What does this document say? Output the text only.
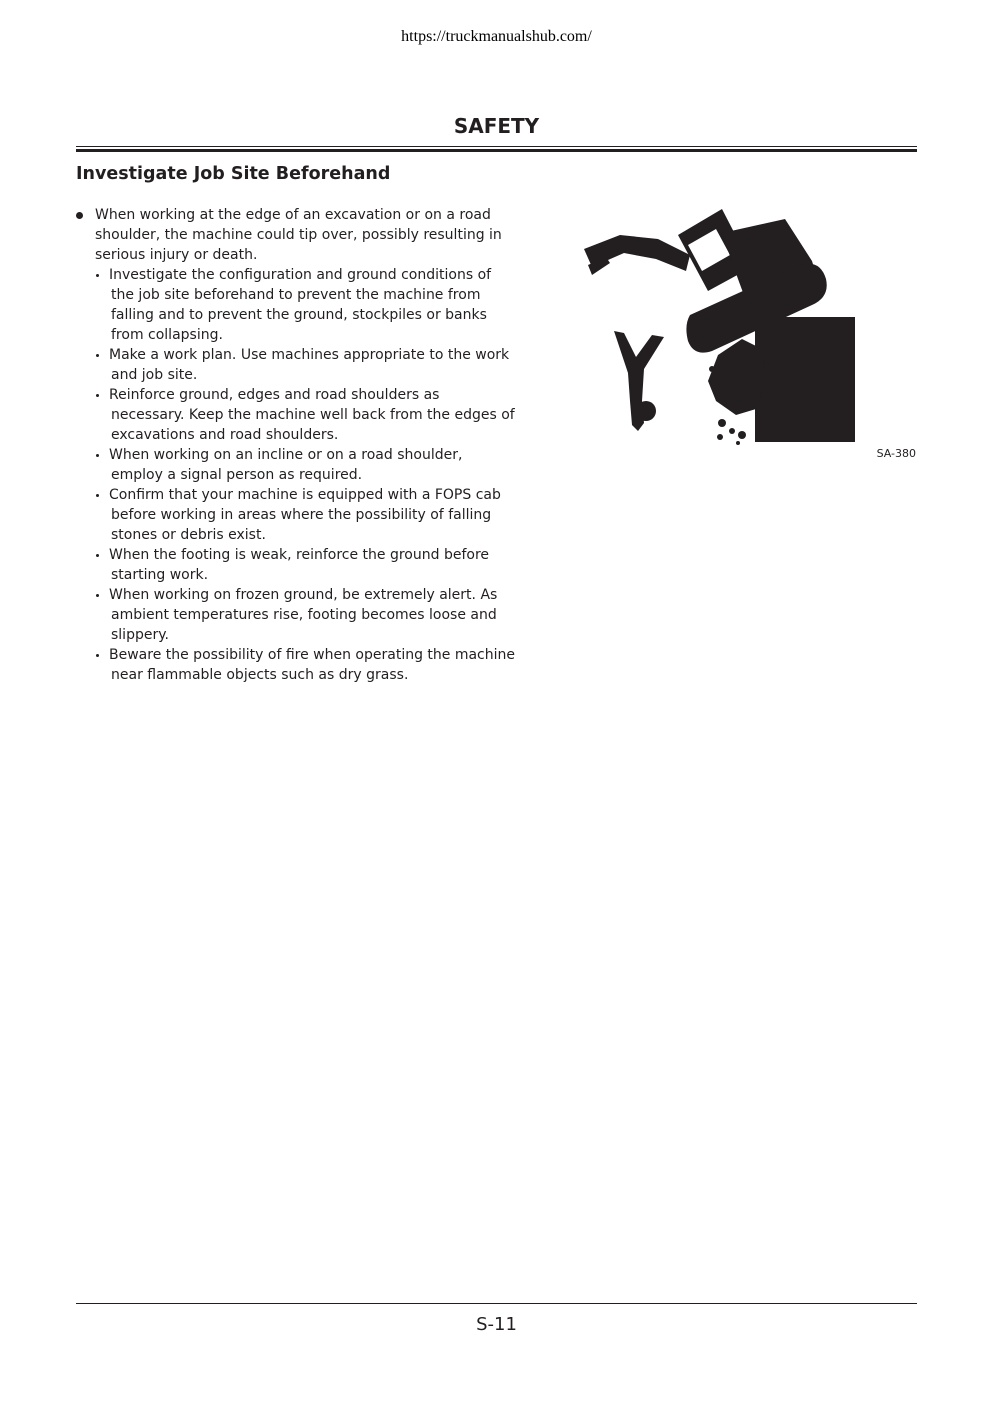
https://truckmanualshub.com/
SAFETY
Investigate Job Site Beforehand
When working at the edge of an excavation or on a road shoulder, the machine could tip over, possibly resulting in serious injury or death.
Investigate the configuration and ground conditions of the job site beforehand to prevent the machine from falling and to prevent the ground, stockpiles or banks from collapsing.
Make a work plan. Use machines appropriate to the work and job site.
Reinforce ground, edges and road shoulders as necessary. Keep the machine well back from the edges of excavations and road shoulders.
When working on an incline or on a road shoulder, employ a signal person as required.
Confirm that your machine is equipped with a FOPS cab before working in areas where the possibility of falling stones or debris exist.
When the footing is weak, reinforce the ground before starting work.
When working on frozen ground, be extremely alert. As ambient temperatures rise, footing becomes loose and slippery.
Beware the possibility of fire when operating the machine near flammable objects such as dry grass.
SA-380
S-11
